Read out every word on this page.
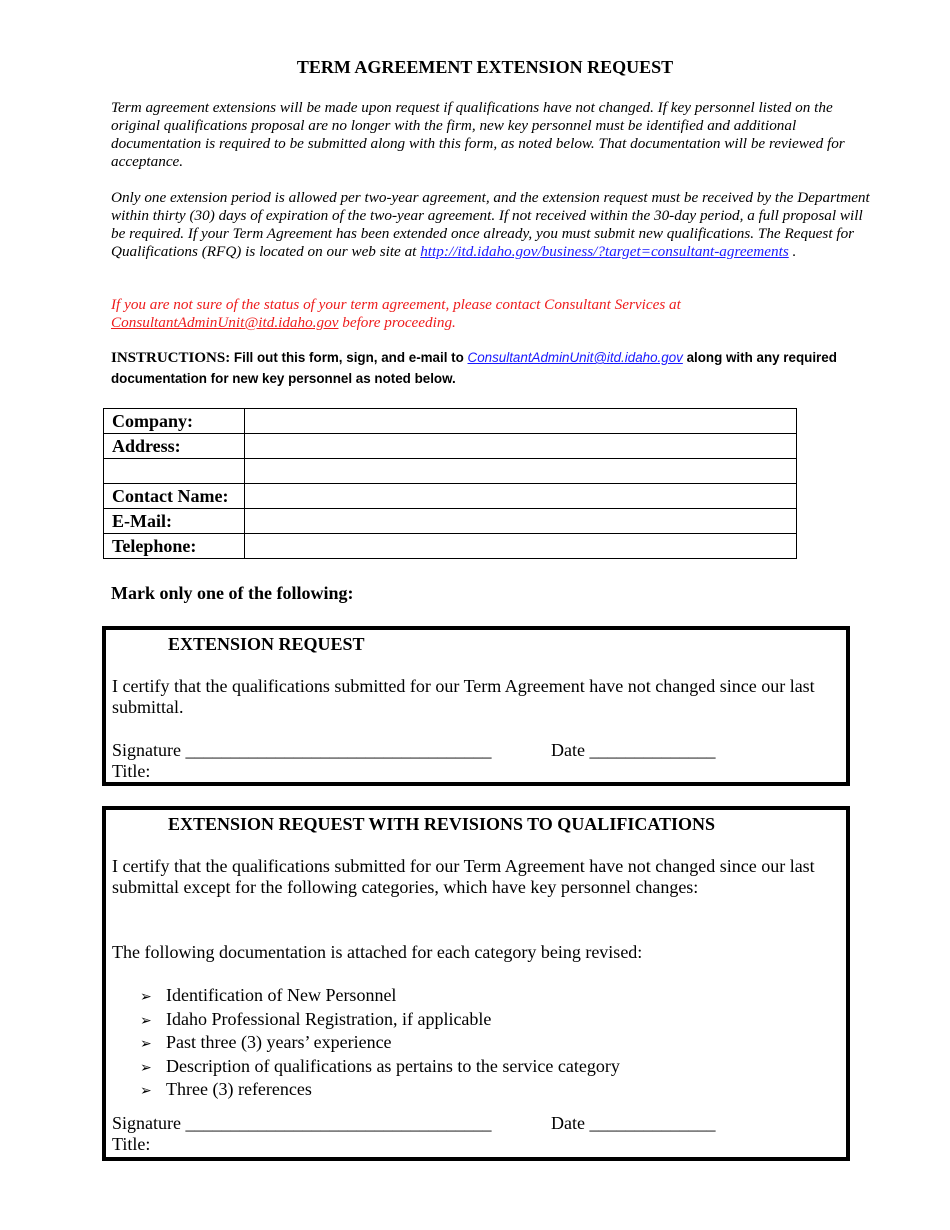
TERM AGREEMENT EXTENSION REQUEST

Term agreement extensions will be made upon request if qualifications have not changed. If key personnel listed on the original qualifications proposal are no longer with the firm, new key personnel must be identified and additional documentation is required to be submitted along with this form, as noted below. That documentation will be reviewed for acceptance.

Only one extension period is allowed per two-year agreement, and the extension request must be received by the Department within thirty (30) days of expiration of the two-year agreement. If not received within the 30-day period, a full proposal will be required. If your Term Agreement has been extended once already, you must submit new qualifications. The Request for Qualifications (RFQ) is located on our web site at http://itd.idaho.gov/business/?target=consultant-agreements .

If you are not sure of the status of your term agreement, please contact Consultant Services at
ConsultantAdminUnit@itd.idaho.gov before proceeding.

INSTRUCTIONS: Fill out this form, sign, and e-mail to ConsultantAdminUnit@itd.idaho.gov along with any required documentation for new key personnel as noted below.
Company:	
Address:	

Contact Name:	
E-Mail:	
Telephone:	
Mark only one of the following:
EXTENSION REQUEST

I certify that the qualifications submitted for our Term Agreement have not changed since our last submittal.

Signature __________________________________	Date ______________
Title:
EXTENSION REQUEST WITH REVISIONS TO QUALIFICATIONS

I certify that the qualifications submitted for our Term Agreement have not changed since our last submittal except for the following categories, which have key personnel changes:

The following documentation is attached for each category being revised:

➢ Identification of New Personnel
➢ Idaho Professional Registration, if applicable
➢ Past three (3) years’ experience
➢ Description of qualifications as pertains to the service category
➢ Three (3) references
Signature __________________________________	Date ______________
Title:
